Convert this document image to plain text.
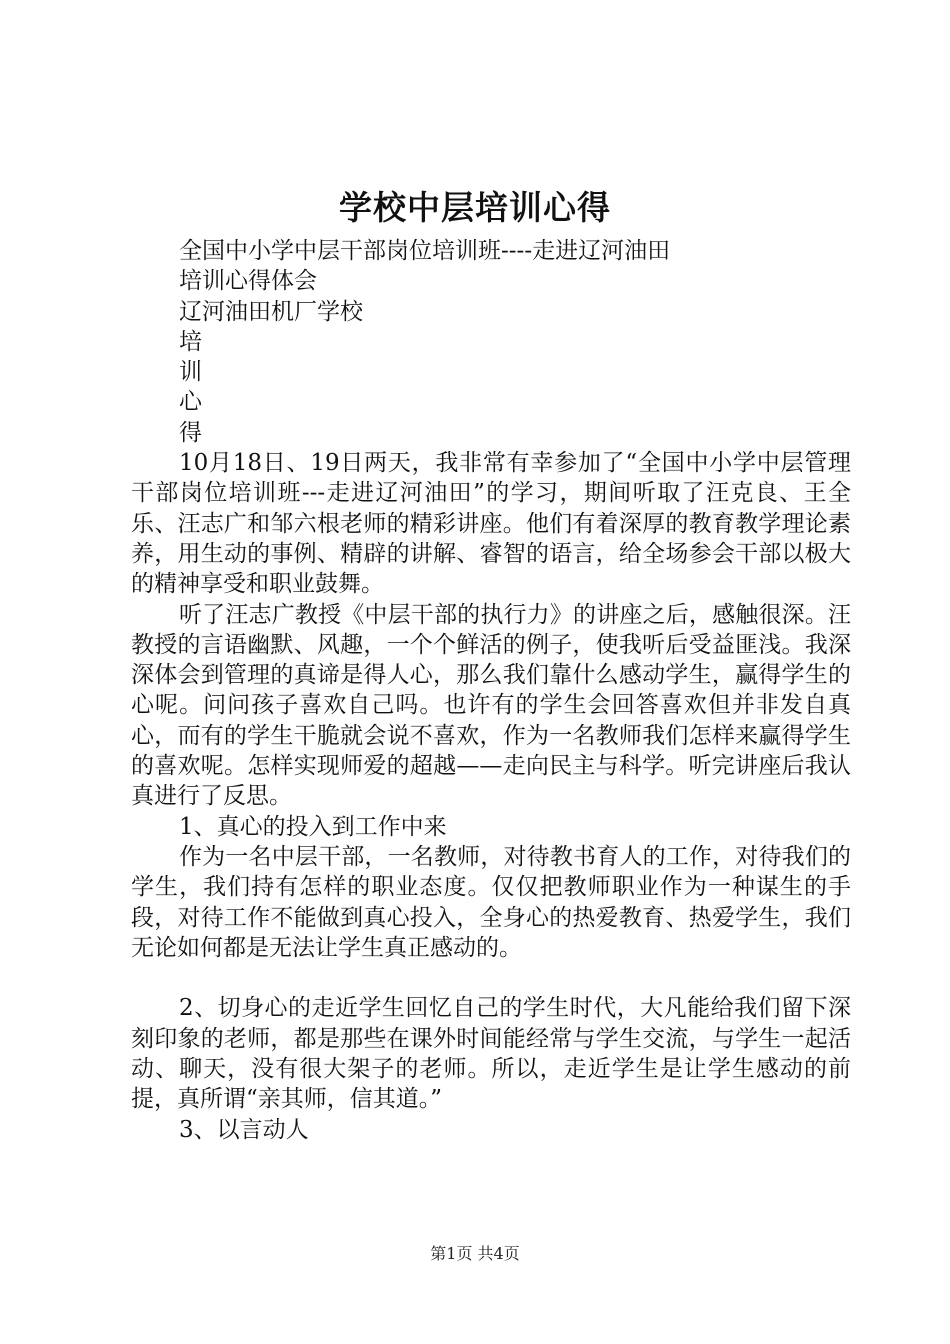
学校中层培训心得

全国中小学中层干部岗位培训班----走进辽河油田

培训心得体会

辽河油田机厂学校

培

训

心

得

10月18日、19日两天，我非常有幸参加了“全国中小学中层管理干部岗位培训班---走进辽河油田”的学习，期间听取了汪克良、王全乐、汪志广和邹六根老师的精彩讲座。他们有着深厚的教育教学理论素养，用生动的事例、精辟的讲解、睿智的语言，给全场参会干部以极大的精神享受和职业鼓舞。

听了汪志广教授《中层干部的执行力》的讲座之后，感触很深。汪教授的言语幽默、风趣，一个个鲜活的例子，使我听后受益匪浅。我深深体会到管理的真谛是得人心，那么我们靠什么感动学生，赢得学生的心呢。问问孩子喜欢自己吗。也许有的学生会回答喜欢但并非发自真心，而有的学生干脆就会说不喜欢，作为一名教师我们怎样来赢得学生的喜欢呢。怎样实现师爱的超越——走向民主与科学。听完讲座后我认真进行了反思。

1、真心的投入到工作中来

作为一名中层干部，一名教师，对待教书育人的工作，对待我们的学生，我们持有怎样的职业态度。仅仅把教师职业作为一种谋生的手段，对待工作不能做到真心投入，全身心的热爱教育、热爱学生，我们无论如何都是无法让学生真正感动的。

2、切身心的走近学生回忆自己的学生时代，大凡能给我们留下深刻印象的老师，都是那些在课外时间能经常与学生交流，与学生一起活动、聊天，没有很大架子的老师。所以，走近学生是让学生感动的前提，真所谓“亲其师，信其道。”

3、以言动人

第1页 共4页
